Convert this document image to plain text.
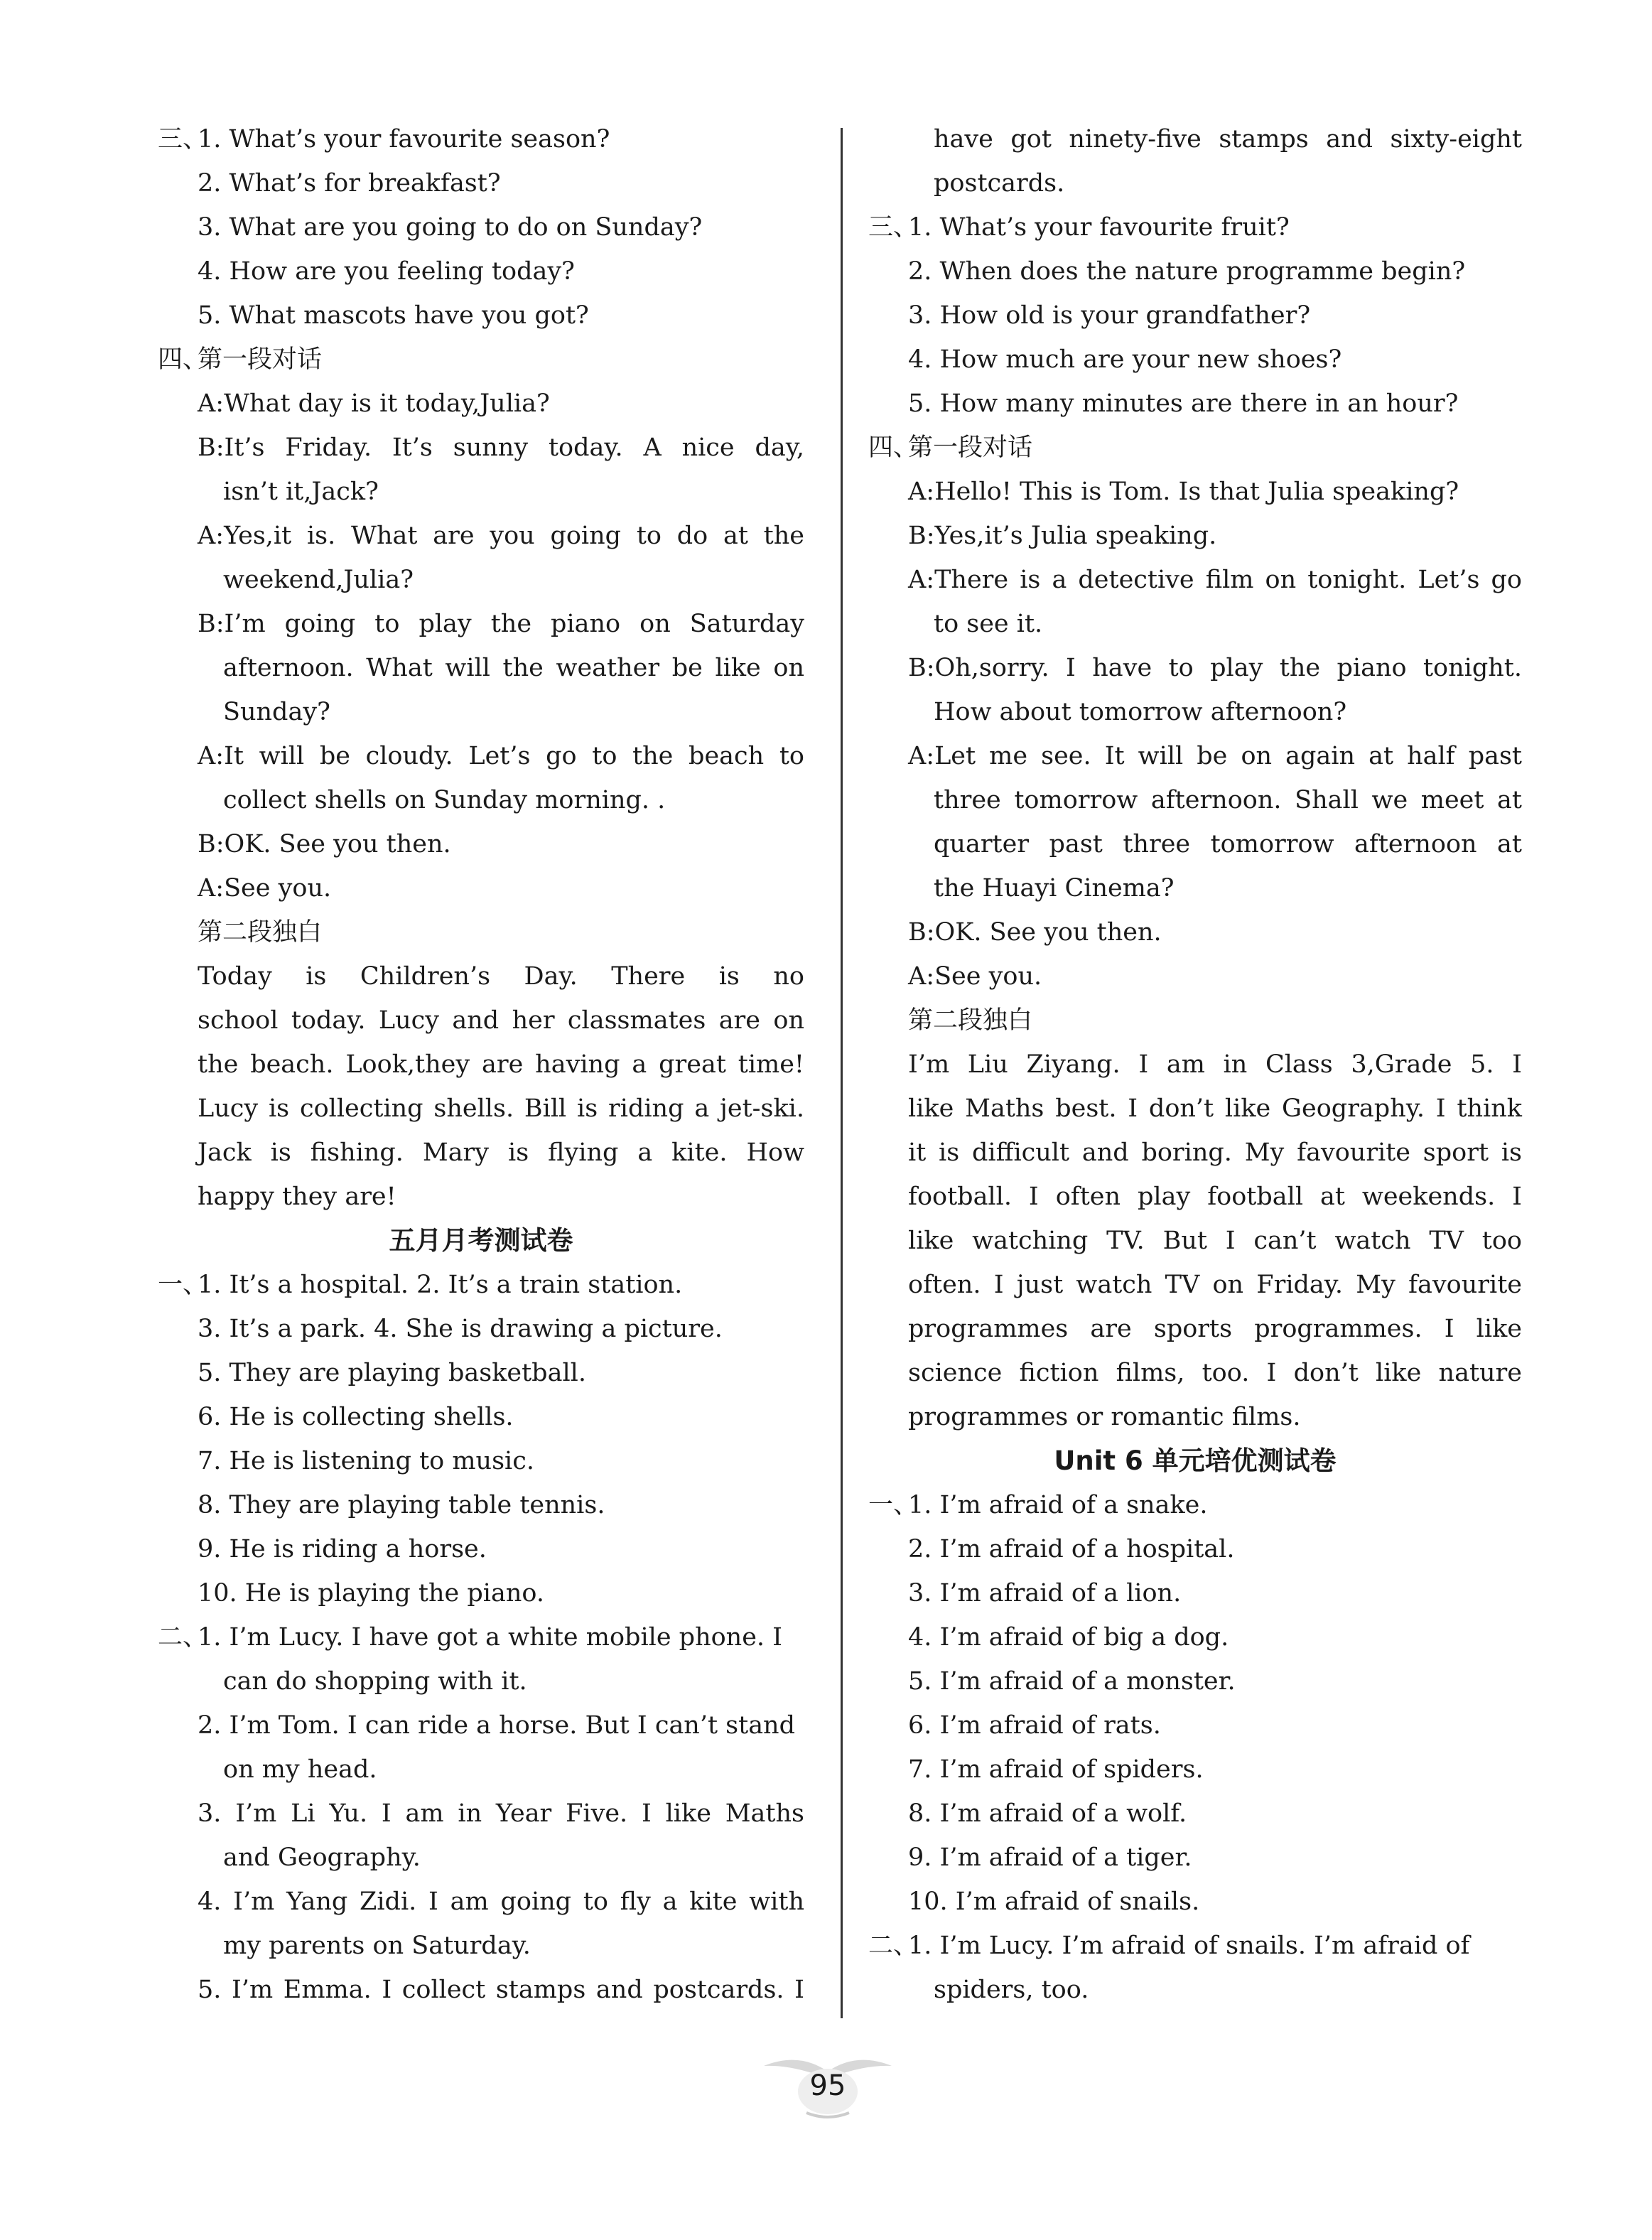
三、1. What’s your favourite season?
2. What’s for breakfast?
3. What are you going to do on Sunday?
4. How are you feeling today?
5. What mascots have you got?
四、第一段对话
A:What day is it today,Julia?
B:It’s Friday. It’s sunny today. A nice day,
isn’t it,Jack?
A:Yes,it is. What are you going to do at the
weekend,Julia?
B:I’m going to play the piano on Saturday
afternoon. What will the weather be like on
Sunday?
A:It will be cloudy. Let’s go to the beach to
collect shells on Sunday morning. .
B:OK. See you then.
A:See you.
第二段独白
Today is Children’s Day. There is no
school today. Lucy and her classmates are on
the beach. Look,they are having a great time!
Lucy is collecting shells. Bill is riding a jet-ski.
Jack is fishing. Mary is flying a kite. How
happy they are!
五月月考测试卷
一、1. It’s a hospital. 2. It’s a train station.
3. It’s a park. 4. She is drawing a picture.
5. They are playing basketball.
6. He is collecting shells.
7. He is listening to music.
8. They are playing table tennis.
9. He is riding a horse.
10. He is playing the piano.
二、1. I’m Lucy. I have got a white mobile phone. I
can do shopping with it.
2. I’m Tom. I can ride a horse. But I can’t stand
on my head.
3. I’m Li Yu. I am in Year Five. I like Maths
and Geography.
4. I’m Yang Zidi. I am going to fly a kite with
my parents on Saturday.
5. I’m Emma. I collect stamps and postcards. I
have got ninety-five stamps and sixty-eight
postcards.
三、1. What’s your favourite fruit?
2. When does the nature programme begin?
3. How old is your grandfather?
4. How much are your new shoes?
5. How many minutes are there in an hour?
四、第一段对话
A:Hello! This is Tom. Is that Julia speaking?
B:Yes,it’s Julia speaking.
A:There is a detective film on tonight. Let’s go
to see it.
B:Oh,sorry. I have to play the piano tonight.
How about tomorrow afternoon?
A:Let me see. It will be on again at half past
three tomorrow afternoon. Shall we meet at
quarter past three tomorrow afternoon at
the Huayi Cinema?
B:OK. See you then.
A:See you.
第二段独白
I’m Liu Ziyang. I am in Class 3,Grade 5. I
like Maths best. I don’t like Geography. I think
it is difficult and boring. My favourite sport is
football. I often play football at weekends. I
like watching TV. But I can’t watch TV too
often. I just watch TV on Friday. My favourite
programmes are sports programmes. I like
science fiction films, too. I don’t like nature
programmes or romantic films.
Unit 6 单元培优测试卷
一、1. I’m afraid of a snake.
2. I’m afraid of a hospital.
3. I’m afraid of a lion.
4. I’m afraid of big a dog.
5. I’m afraid of a monster.
6. I’m afraid of rats.
7. I’m afraid of spiders.
8. I’m afraid of a wolf.
9. I’m afraid of a tiger.
10. I’m afraid of snails.
二、1. I’m Lucy. I’m afraid of snails. I’m afraid of
spiders, too.
95
